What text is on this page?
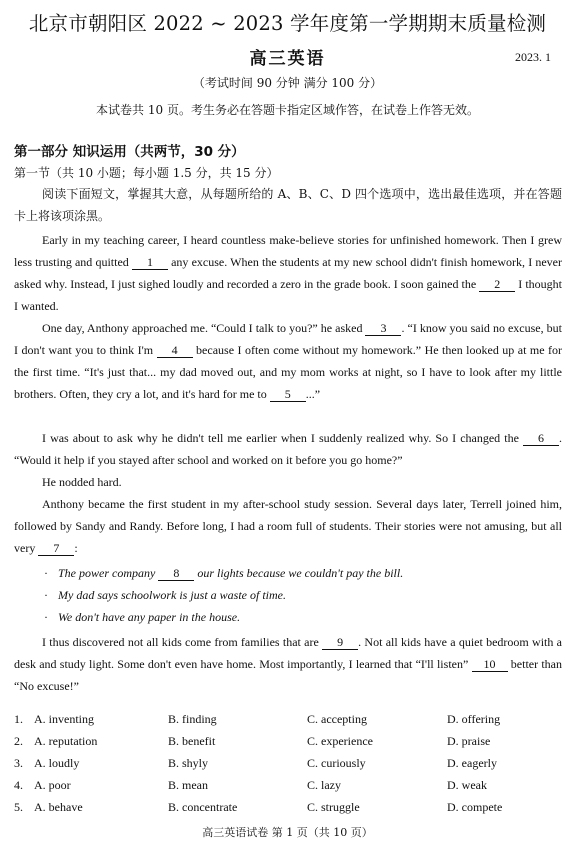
北京市朝阳区 2022 ~ 2023 学年度第一学期期末质量检测
高三英语	2023. 1
（考试时间 90 分钟 满分 100 分）
本试卷共 10 页。考生务必在答题卡指定区域作答，在试卷上作答无效。
第一部分 知识运用（共两节，30 分）
第一节（共 10 小题；每小题 1.5 分，共 15 分）
阅读下面短文，掌握其大意，从每题所给的 A、B、C、D 四个选项中，选出最佳选项，并在答题卡上将该项涂黑。
Early in my teaching career, I heard countless make-believe stories for unfinished homework. Then I grew less trusting and quitted 1 any excuse. When the students at my new school didn't finish homework, I never asked why. Instead, I just sighed loudly and recorded a zero in the grade book. I soon gained the 2 I thought I wanted.
One day, Anthony approached me. “Could I talk to you?” he asked 3 . “I know you said no excuse, but I don't want you to think I'm 4 because I often come without my homework.” He then looked up at me for the first time. “It's just that... my dad moved out, and my mom works at night, so I have to look after my little brothers. Often, they cry a lot, and it's hard for me to 5 ...”
I was about to ask why he didn't tell me earlier when I suddenly realized why. So I changed the 6 . “Would it help if you stayed after school and worked on it before you go home?”
He nodded hard.
Anthony became the first student in my after-school study session. Several days later, Terrell joined him, followed by Sandy and Randy. Before long, I had a room full of students. Their stories were not amusing, but all very 7 :
· The power company 8 our lights because we couldn't pay the bill.
· My dad says schoolwork is just a waste of time.
· We don't have any paper in the house.
I thus discovered not all kids come from families that are 9 . Not all kids have a quiet bedroom with a desk and study light. Some don't even have home. Most importantly, I learned that “I'll listen” 10 better than “No excuse!”
1. A. inventing	B. finding	C. accepting	D. offering
2. A. reputation	B. benefit	C. experience	D. praise
3. A. loudly	B. shyly	C. curiously	D. eagerly
4. A. poor	B. mean	C. lazy	D. weak
5. A. behave	B. concentrate	C. struggle	D. compete
高三英语试卷 第 1 页（共 10 页）
